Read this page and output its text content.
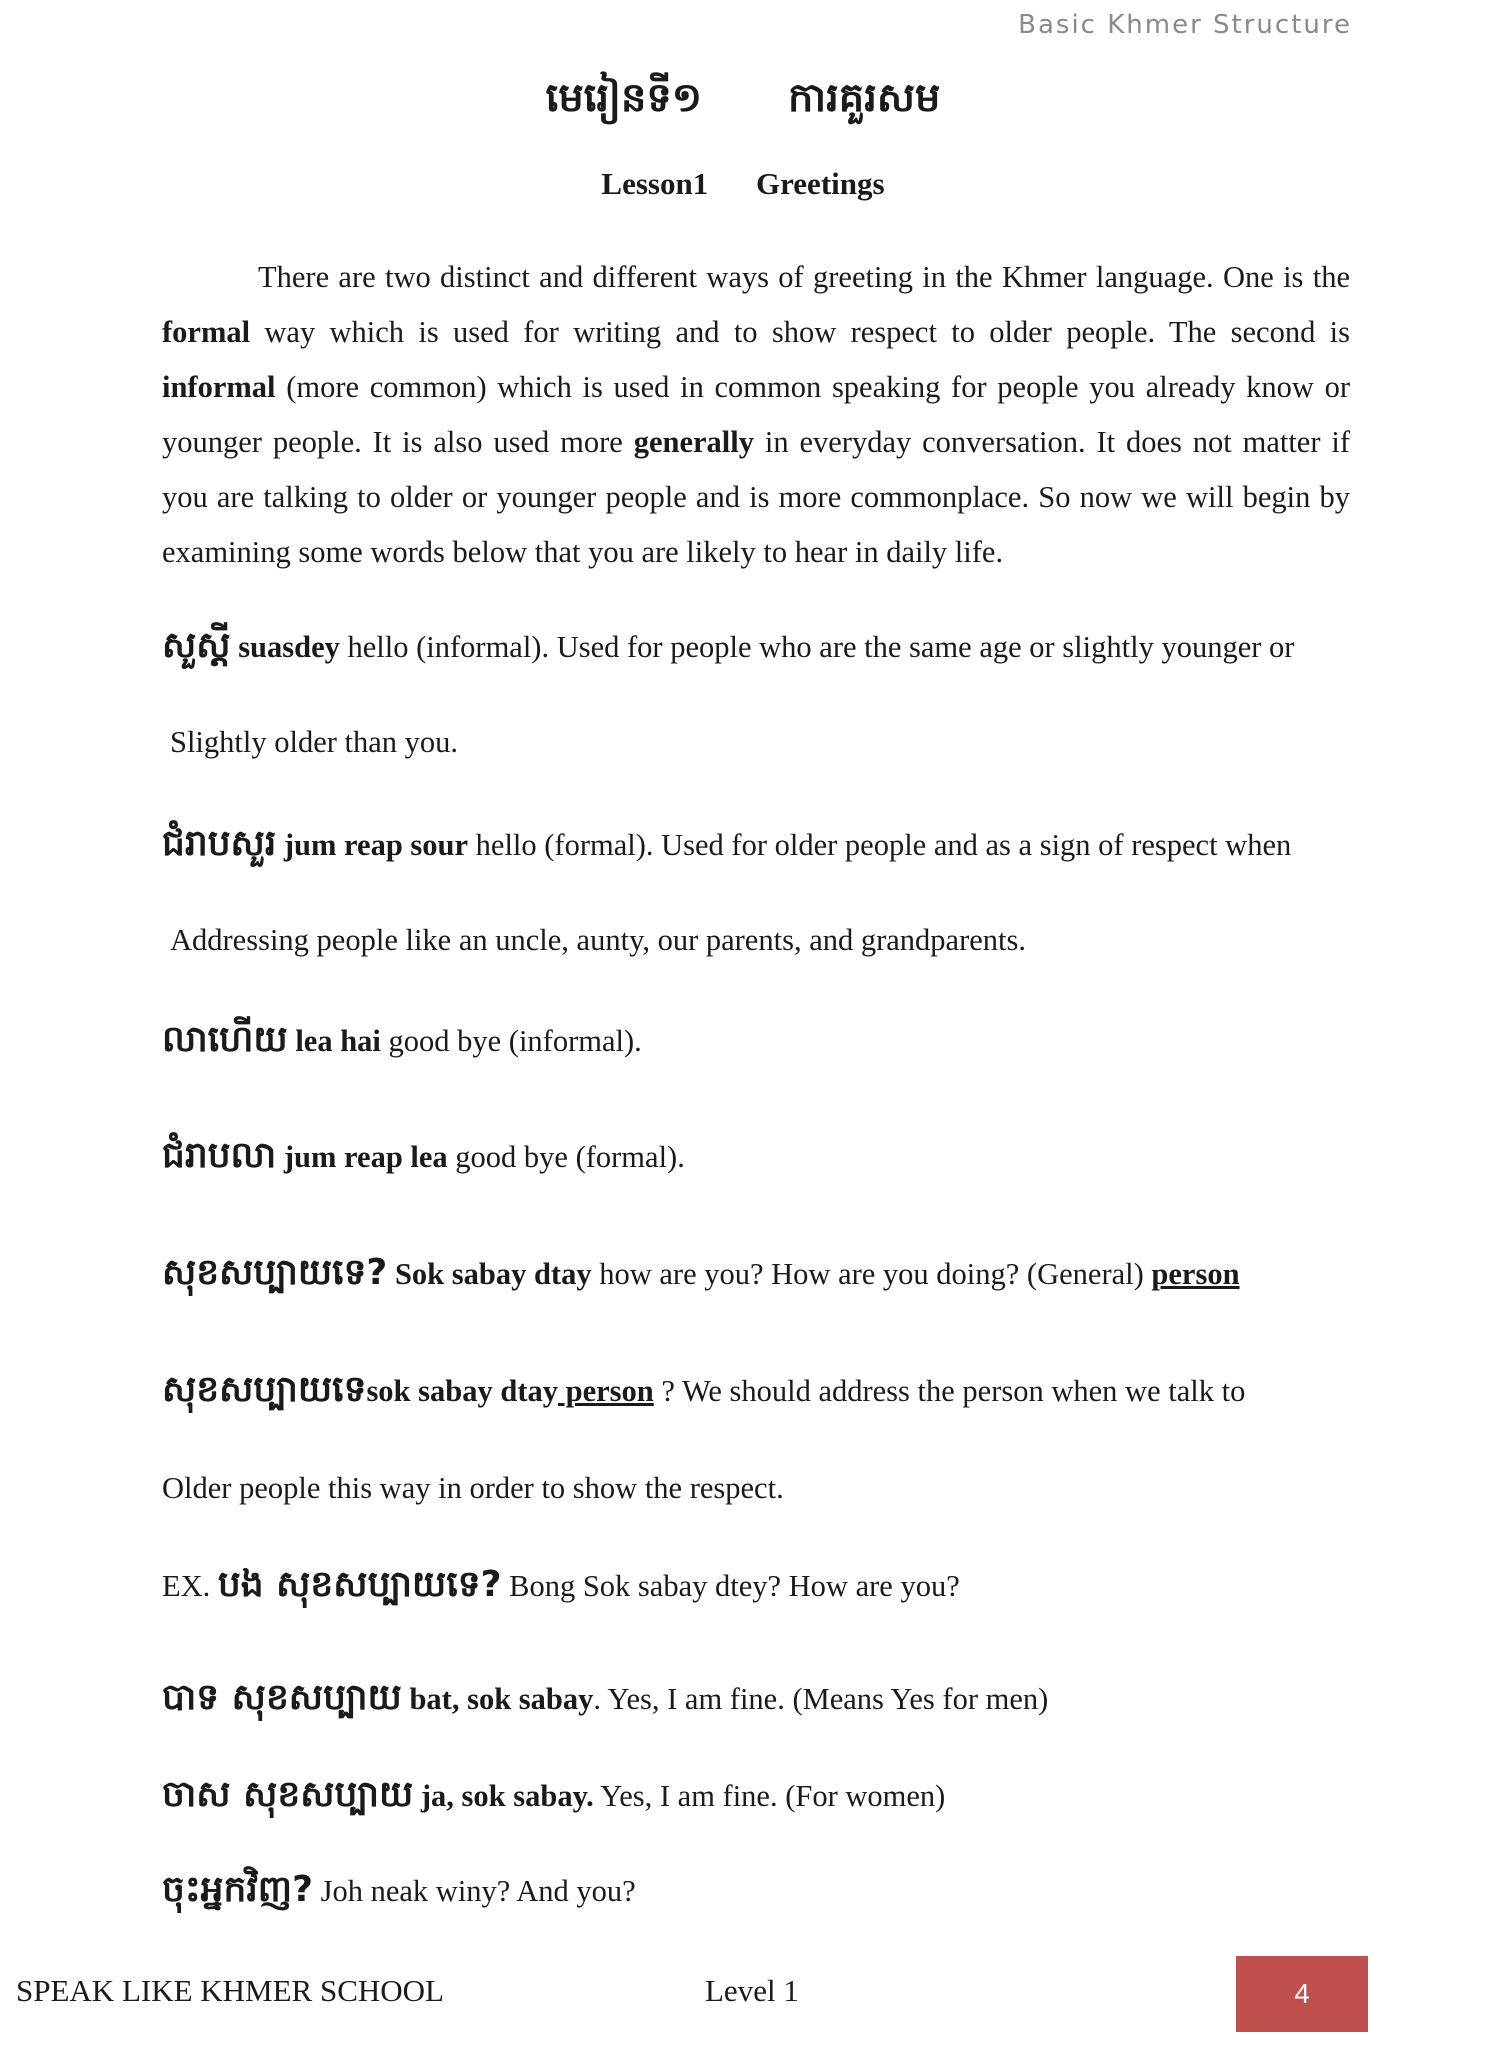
Basic Khmer Structure
មេរៀនទី១ ការគួរសម
Lesson1 Greetings

There are two distinct and different ways of greeting in the Khmer language. One is the formal way which is used for writing and to show respect to older people. The second is informal (more common) which is used in common speaking for people you already know or younger people. It is also used more generally in everyday conversation. It does not matter if you are talking to older or younger people and is more commonplace. So now we will begin by examining some words below that you are likely to hear in daily life.

សួស្តី suasdey hello (informal). Used for people who are the same age or slightly younger or
Slightly older than you.
ជំរាបសួរ jum reap sour hello (formal). Used for older people and as a sign of respect when
Addressing people like an uncle, aunty, our parents, and grandparents.
លាហើយ lea hai good bye (informal).
ជំរាបលា jum reap lea good bye (formal).
សុខសប្បាយទេ? Sok sabay dtay how are you? How are you doing? (General) person
សុខសប្បាយទេsok sabay dtay person ? We should address the person when we talk to
Older people this way in order to show the respect.
EX. បង សុខសប្បាយទេ? Bong Sok sabay dtey? How are you?
បាទ សុខសប្បាយ bat, sok sabay. Yes, I am fine. (Means Yes for men)
ចាស សុខសប្បាយ ja, sok sabay. Yes, I am fine. (For women)
ចុះអ្នកវិញ? Joh neak winy? And you?
SPEAK LIKE KHMER SCHOOL	Level 1	4
